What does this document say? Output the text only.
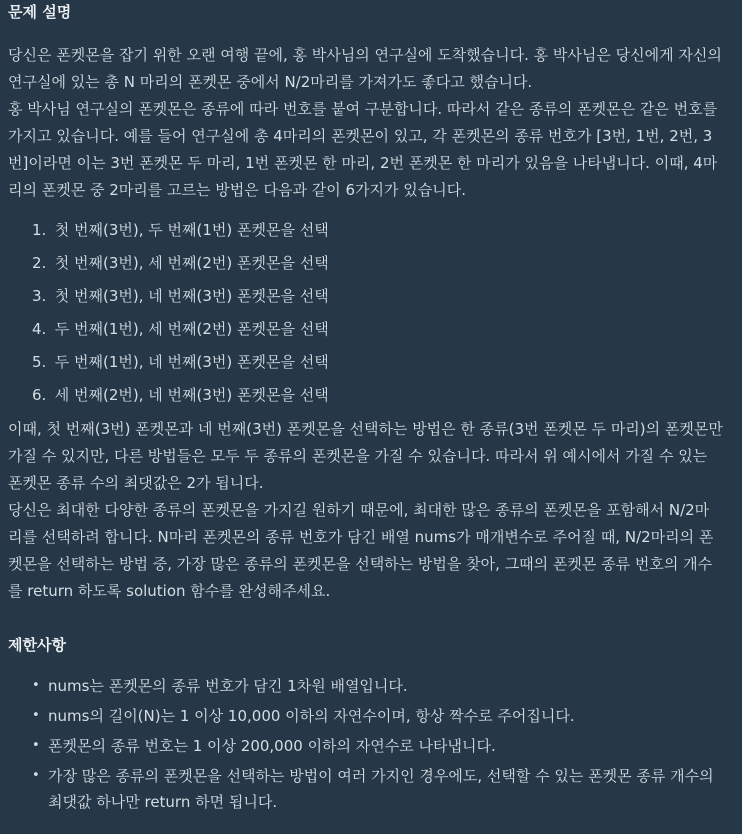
문제 설명
당신은 폰켓몬을 잡기 위한 오랜 여행 끝에, 홍 박사님의 연구실에 도착했습니다. 홍 박사님은 당신에게 자신의
연구실에 있는 총 N 마리의 폰켓몬 중에서 N/2마리를 가져가도 좋다고 했습니다.
홍 박사님 연구실의 폰켓몬은 종류에 따라 번호를 붙여 구분합니다. 따라서 같은 종류의 폰켓몬은 같은 번호를
가지고 있습니다. 예를 들어 연구실에 총 4마리의 폰켓몬이 있고, 각 폰켓몬의 종류 번호가 [3번, 1번, 2번, 3
번]이라면 이는 3번 폰켓몬 두 마리, 1번 폰켓몬 한 마리, 2번 폰켓몬 한 마리가 있음을 나타냅니다. 이때, 4마
리의 폰켓몬 중 2마리를 고르는 방법은 다음과 같이 6가지가 있습니다.
1. 첫 번째(3번), 두 번째(1번) 폰켓몬을 선택
2. 첫 번째(3번), 세 번째(2번) 폰켓몬을 선택
3. 첫 번째(3번), 네 번째(3번) 폰켓몬을 선택
4. 두 번째(1번), 세 번째(2번) 폰켓몬을 선택
5. 두 번째(1번), 네 번째(3번) 폰켓몬을 선택
6. 세 번째(2번), 네 번째(3번) 폰켓몬을 선택
이때, 첫 번째(3번) 폰켓몬과 네 번째(3번) 폰켓몬을 선택하는 방법은 한 종류(3번 폰켓몬 두 마리)의 폰켓몬만
가질 수 있지만, 다른 방법들은 모두 두 종류의 폰켓몬을 가질 수 있습니다. 따라서 위 예시에서 가질 수 있는
폰켓몬 종류 수의 최댓값은 2가 됩니다.
당신은 최대한 다양한 종류의 폰켓몬을 가지길 원하기 때문에, 최대한 많은 종류의 폰켓몬을 포함해서 N/2마
리를 선택하려 합니다. N마리 폰켓몬의 종류 번호가 담긴 배열 nums가 매개변수로 주어질 때, N/2마리의 폰
켓몬을 선택하는 방법 중, 가장 많은 종류의 폰켓몬을 선택하는 방법을 찾아, 그때의 폰켓몬 종류 번호의 개수
를 return 하도록 solution 함수를 완성해주세요.
제한사항
• nums는 폰켓몬의 종류 번호가 담긴 1차원 배열입니다.
• nums의 길이(N)는 1 이상 10,000 이하의 자연수이며, 항상 짝수로 주어집니다.
• 폰켓몬의 종류 번호는 1 이상 200,000 이하의 자연수로 나타냅니다.
• 가장 많은 종류의 폰켓몬을 선택하는 방법이 여러 가지인 경우에도, 선택할 수 있는 폰켓몬 종류 개수의
최댓값 하나만 return 하면 됩니다.
